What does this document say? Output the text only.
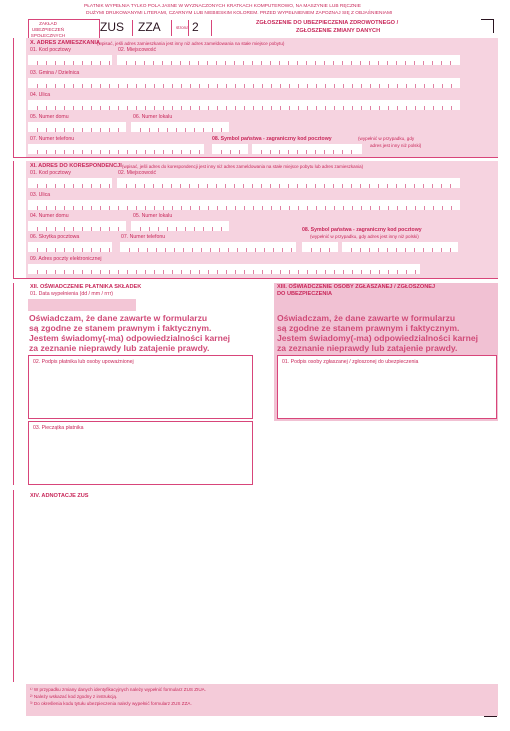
PŁATNIK WYPEŁNIA TYLKO POLA JASNE W WYZNACZONYCH KRATKACH KOMPUTEROWO, NA MASZYNIE LUB RĘCZNIE
DUŻYMI DRUKOWANYMI LITERAMI, CZARNYM LUB NIEBIESKIM KOLOREM. PRZED WYPEŁNIENIEM ZAPOZNAJ SIĘ Z OBJAŚNIENIAMI
ZAKŁAD UBEZPIECZEŃ SPOŁECZNYCH
ZUS ZZA	strona 2	ZGŁOSZENIE DO UBEZPIECZENIA ZDROWOTNEGO /
ZGŁOSZENIE ZMIANY DANYCH
X. ADRES ZAMIESZKANIA
(wpisać, jeśli adres zamieszkania jest inny niż adres zameldowania na stałe miejsce pobytu)
01. Kod pocztowy	02. Miejscowość
03. Gmina / Dzielnica
04. Ulica
05. Numer domu	06. Numer lokalu
07. Numer telefonu	08. Symbol państwa - zagraniczny kod pocztowy	(wypełnić w przypadku, gdy
adres jest inny niż polski)
XI. ADRES DO KORESPONDENCJI (wpisać, jeśli adres do korespondencji jest inny niż adres zameldowania na stałe miejsce pobytu lub adres zamieszkania)
01. Kod pocztowy	02. Miejscowość
03. Ulica
04. Numer domu	05. Numer lokalu
08. Symbol państwa - zagraniczny kod pocztowy
(wypełnić w przypadku, gdy adres jest inny niż polski)
06. Skrytka pocztowa	07. Numer telefonu
09. Adres poczty elektronicznej
XII. OŚWIADCZENIE PŁATNIKA SKŁADEK
01. Data wypełnienia (dd / mm / rrrr)
Oświadczam, że dane zawarte w formularzu
są zgodne ze stanem prawnym i faktycznym.
Jestem świadomy(-ma) odpowiedzialności karnej
za zeznanie nieprawdy lub zatajenie prawdy.
02. Podpis płatnika lub osoby upoważnionej
03. Pieczątka płatnika
XIII. OŚWIADCZENIE OSOBY ZGŁASZANEJ / ZGŁOSZONEJ
DO UBEZPIECZENIA
Oświadczam, że dane zawarte w formularzu
są zgodne ze stanem prawnym i faktycznym.
Jestem świadomy(-ma) odpowiedzialności karnej
za zeznanie nieprawdy lub zatajenie prawdy.
01. Podpis osoby zgłaszanej / zgłoszonej do ubezpieczenia
XIV. ADNOTACJE ZUS
¹⁾ W przypadku zmiany danych identyfikacyjnych należy wypełnić formularz ZUS ZIUA.
²⁾ Należy wskazać kod zgodny z instrukcją.
³⁾ Do określenia kodu tytułu ubezpieczenia należy wypełnić formularz ZUS ZZA.
